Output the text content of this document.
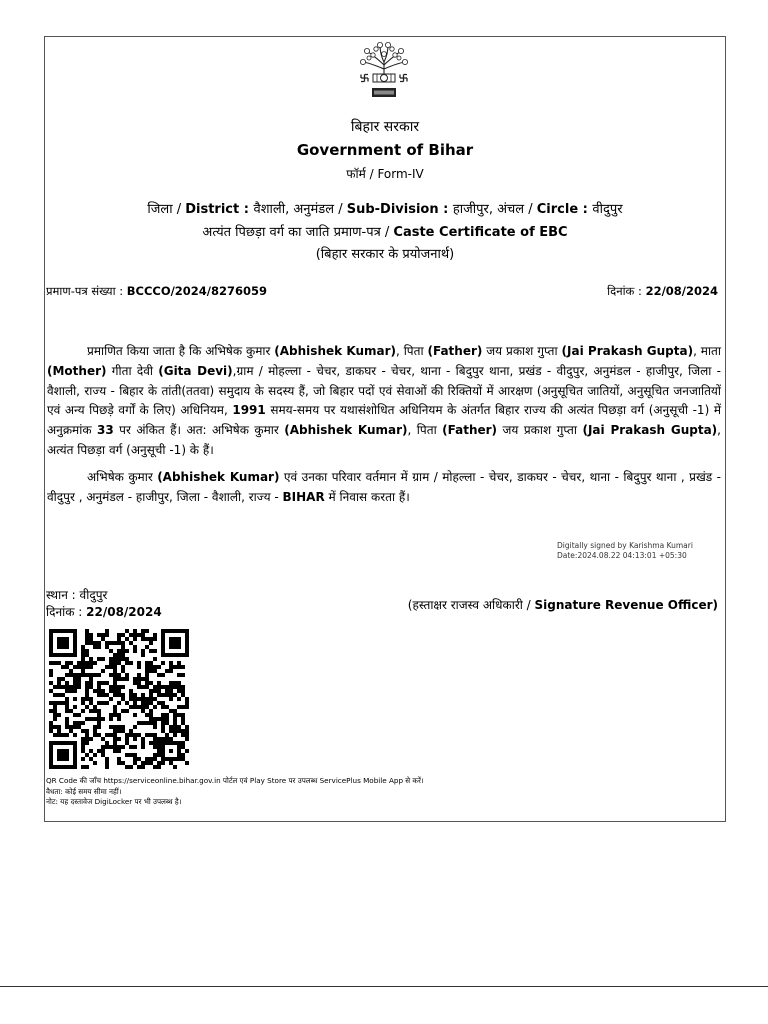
बिहार सरकार
Government of Bihar
फॉर्म / Form-IV
जिला / District : वैशाली, अनुमंडल / Sub-Division : हाजीपुर, अंचल / Circle : वीदुपुर
अत्यंत पिछड़ा वर्ग का जाति प्रमाण-पत्र / Caste Certificate of EBC
(बिहार सरकार के प्रयोजनार्थ)
प्रमाण-पत्र संख्या : BCCCO/2024/8276059	दिनांक : 22/08/2024
प्रमाणित किया जाता है कि अभिषेक कुमार (Abhishek Kumar), पिता (Father) जय प्रकाश गुप्ता (Jai Prakash Gupta), माता (Mother) गीता देवी (Gita Devi),ग्राम / मोहल्ला - चेचर, डाकघर - चेचर, थाना - बिदुपुर थाना, प्रखंड - वीदुपुर, अनुमंडल - हाजीपुर, जिला - वैशाली, राज्य - बिहार के तांती(ततवा) समुदाय के सदस्य हैं, जो बिहार पदों एवं सेवाओं की रिक्तियों में आरक्षण (अनुसूचित जातियों, अनुसूचित जनजातियों एवं अन्य पिछड़े वर्गों के लिए) अधिनियम, 1991 समय-समय पर यथासंशोधित अधिनियम के अंतर्गत बिहार राज्य की अत्यंत पिछड़ा वर्ग (अनुसूची -1) में अनुक्रमांक 33 पर अंकित हैं। अत: अभिषेक कुमार (Abhishek Kumar), पिता (Father) जय प्रकाश गुप्ता (Jai Prakash Gupta), अत्यंत पिछड़ा वर्ग (अनुसूची -1) के हैं।
अभिषेक कुमार (Abhishek Kumar) एवं उनका परिवार वर्तमान में ग्राम / मोहल्ला - चेचर, डाकघर - चेचर, थाना - बिदुपुर थाना , प्रखंड - वीदुपुर , अनुमंडल - हाजीपुर, जिला - वैशाली, राज्य - BIHAR में निवास करता हैं।
Digitally signed by Karishma Kumari
Date:2024.08.22 04:13:01 +05:30
स्थान : वीदुपुर
दिनांक : 22/08/2024	(हस्ताक्षर राजस्व अधिकारी / Signature Revenue Officer)
QR Code की जाँच https://serviceonline.bihar.gov.in पोर्टल एवं Play Store पर उपलब्ध ServicePlus Mobile App से करें।
वैधता: कोई समय सीमा नहीं।
नोट: यह दस्तावेज DigiLocker पर भी उपलब्ध है।
